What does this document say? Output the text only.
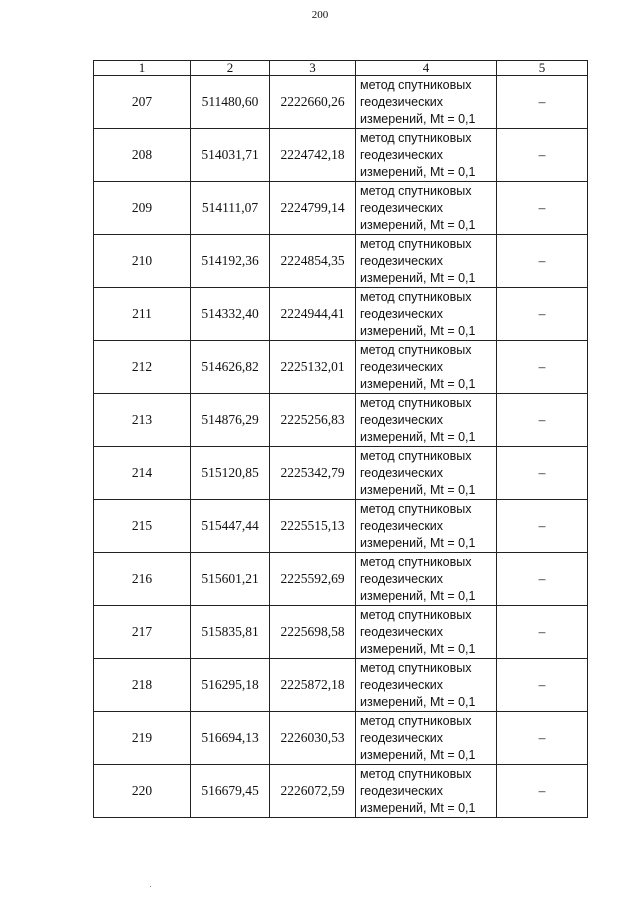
200
1	2	3	4	5
207	511480,60	2222660,26	метод спутниковых
геодезических
измерений, Mt = 0,1	–
208	514031,71	2224742,18	метод спутниковых
геодезических
измерений, Mt = 0,1	–
209	514111,07	2224799,14	метод спутниковых
геодезических
измерений, Mt = 0,1	–
210	514192,36	2224854,35	метод спутниковых
геодезических
измерений, Mt = 0,1	–
211	514332,40	2224944,41	метод спутниковых
геодезических
измерений, Mt = 0,1	–
212	514626,82	2225132,01	метод спутниковых
геодезических
измерений, Mt = 0,1	–
213	514876,29	2225256,83	метод спутниковых
геодезических
измерений, Mt = 0,1	–
214	515120,85	2225342,79	метод спутниковых
геодезических
измерений, Mt = 0,1	–
215	515447,44	2225515,13	метод спутниковых
геодезических
измерений, Mt = 0,1	–
216	515601,21	2225592,69	метод спутниковых
геодезических
измерений, Mt = 0,1	–
217	515835,81	2225698,58	метод спутниковых
геодезических
измерений, Mt = 0,1	–
218	516295,18	2225872,18	метод спутниковых
геодезических
измерений, Mt = 0,1	–
219	516694,13	2226030,53	метод спутниковых
геодезических
измерений, Mt = 0,1	–
220	516679,45	2226072,59	метод спутниковых
геодезических
измерений, Mt = 0,1	–
